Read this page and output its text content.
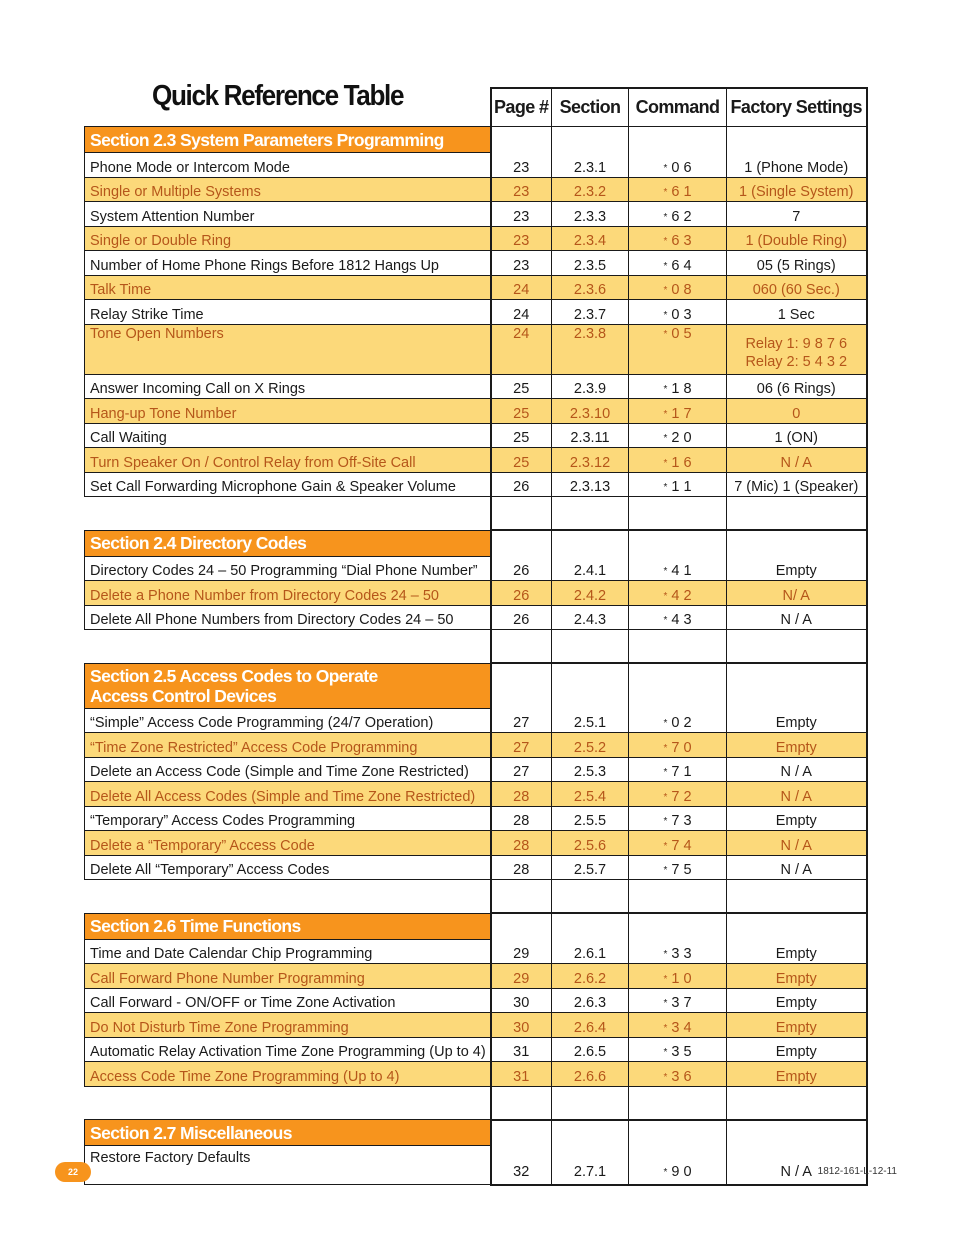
Quick Reference Table
		Page #	Section	Command	Factory Settings

Section 2.3 System Parameters Programming				

Phone Mode or Intercom Mode	23	2.3.1	* 0 6	1 (Phone Mode)

Single or Multiple Systems	23	2.3.2	* 6 1	1 (Single System)

System Attention Number	23	2.3.3	* 6 2	7

Single or Double Ring	23	2.3.4	* 6 3	1 (Double Ring)

Number of Home Phone Rings Before 1812 Hangs Up	23	2.3.5	* 6 4	05 (5 Rings)

Talk Time	24	2.3.6	* 0 8	060 (60 Sec.)

Relay Strike Time	24	2.3.7	* 0 3	1 Sec

Tone Open Numbers	24	2.3.8	* 0 5	Relay 1: 9 8 7 6
Relay 2: 5 4 3 2

Answer Incoming Call on X Rings	25	2.3.9	* 1 8	06 (6 Rings)

Hang-up Tone Number	25	2.3.10	* 1 7	0

Call Waiting	25	2.3.11	* 2 0	1 (ON)

Turn Speaker On / Control Relay from Off-Site Call	25	2.3.12	* 1 6	N / A

Set Call Forwarding Microphone Gain & Speaker Volume	26	2.3.13	* 1 1	7 (Mic) 1 (Speaker)

Section 2.4 Directory Codes				

Directory Codes 24 – 50 Programming “Dial Phone Number”	26	2.4.1	* 4 1	Empty

Delete a Phone Number from Directory Codes 24 – 50	26	2.4.2	* 4 2	N/ A

Delete All Phone Numbers from Directory Codes 24 – 50	26	2.4.3	* 4 3	N / A

Section 2.5 Access Codes to Operate
Access Control Devices				

“Simple” Access Code Programming (24/7 Operation)	27	2.5.1	* 0 2	Empty

“Time Zone Restricted” Access Code Programming	27	2.5.2	* 7 0	Empty

Delete an Access Code (Simple and Time Zone Restricted)	27	2.5.3	* 7 1	N / A

Delete All Access Codes (Simple and Time Zone Restricted)	28	2.5.4	* 7 2	N / A

“Temporary” Access Codes Programming	28	2.5.5	* 7 3	Empty

Delete a “Temporary” Access Code	28	2.5.6	* 7 4	N / A

Delete All “Temporary” Access Codes	28	2.5.7	* 7 5	N / A

Section 2.6 Time Functions				

Time and Date Calendar Chip Programming	29	2.6.1	* 3 3	Empty

Call Forward Phone Number Programming	29	2.6.2	* 1 0	Empty

Call Forward - ON/OFF or Time Zone Activation	30	2.6.3	* 3 7	Empty

Do Not Disturb Time Zone Programming	30	2.6.4	* 3 4	Empty

Automatic Relay Activation Time Zone Programming (Up to 4)	31	2.6.5	* 3 5	Empty

Access Code Time Zone Programming (Up to 4)	31	2.6.6	* 3 6	Empty

Section 2.7 Miscellaneous				

Restore Factory Defaults	32	2.7.1	* 9 0	N / A
22	1812-161-L-12-11
